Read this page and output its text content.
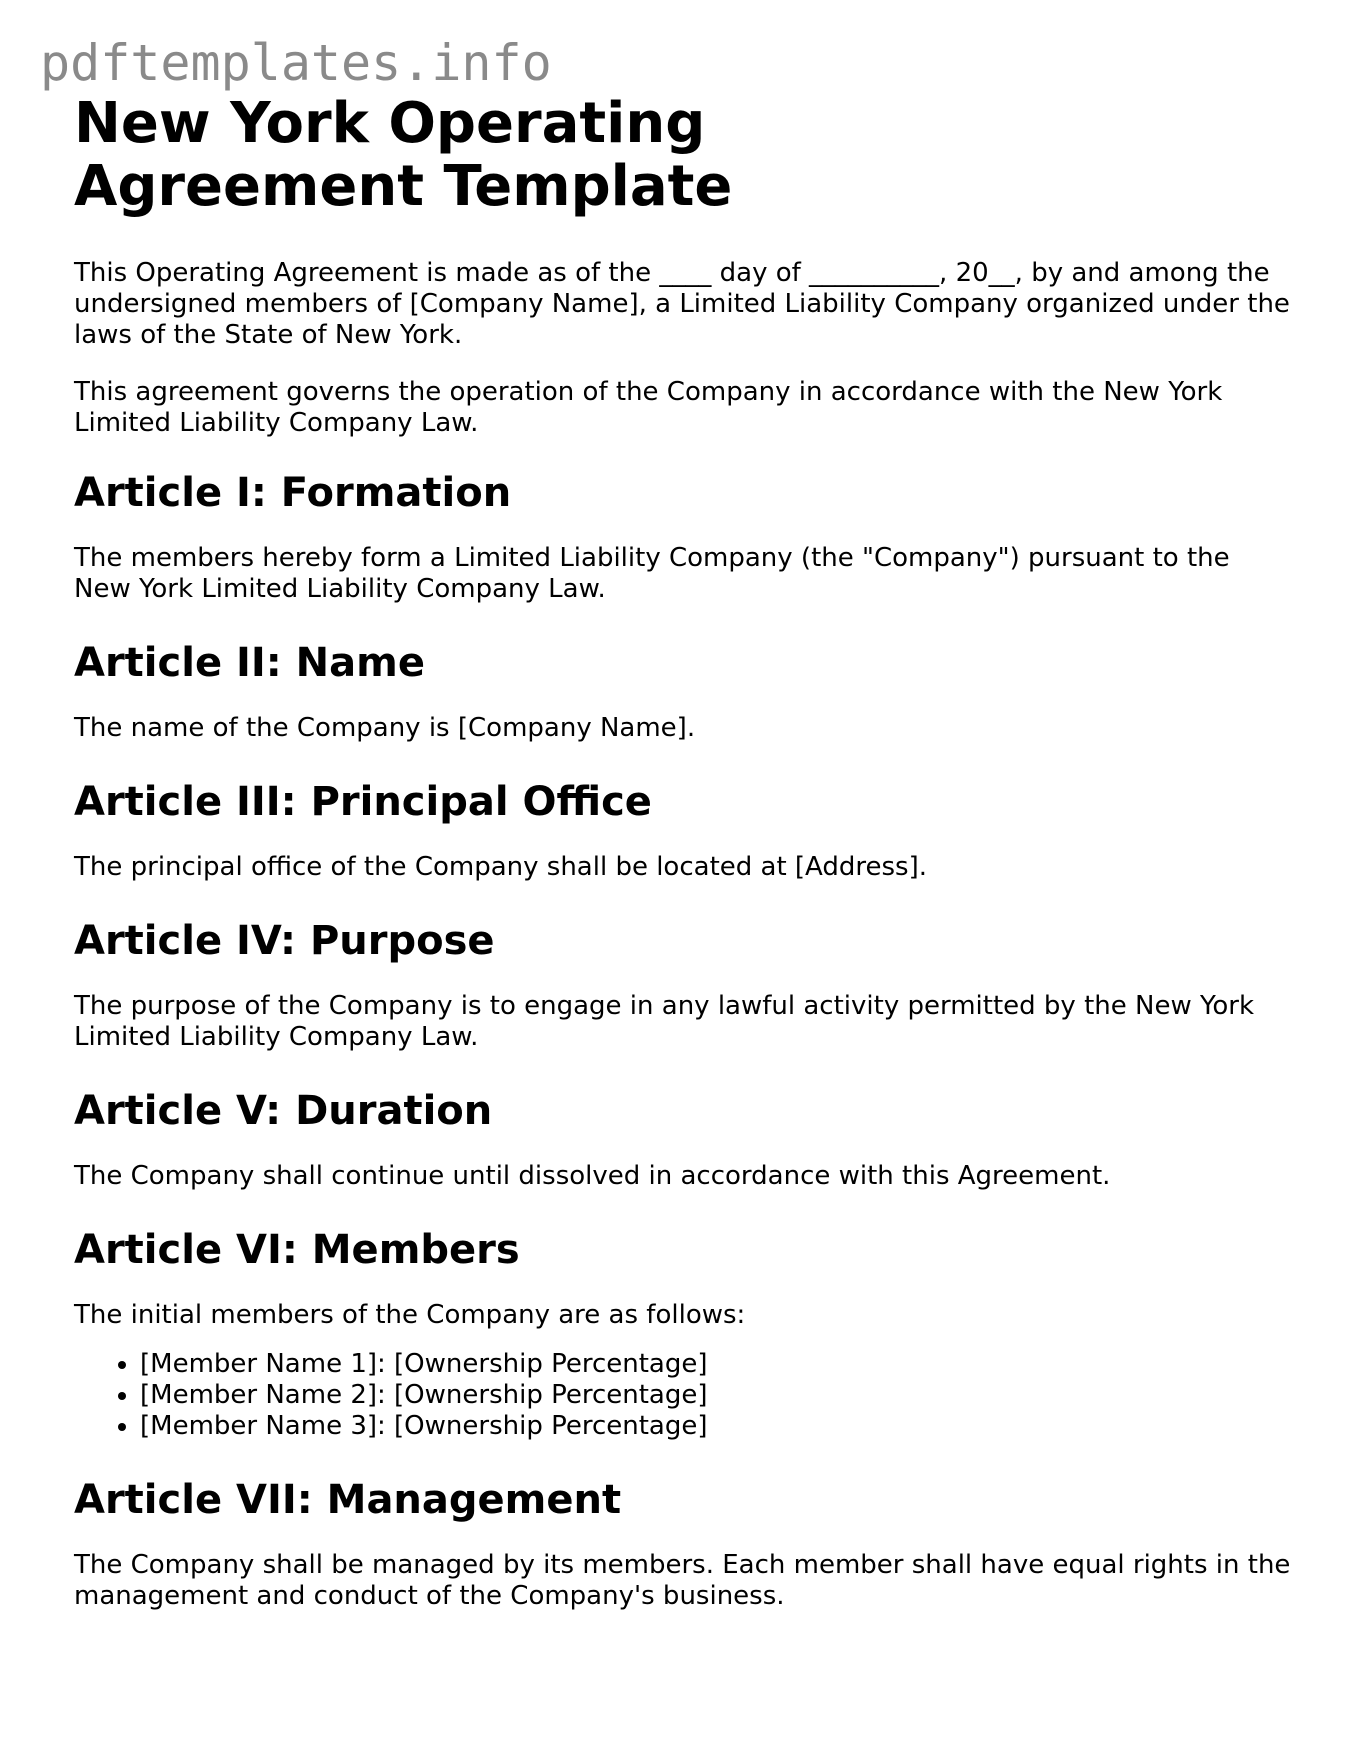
pdftemplates.info
New York Operating Agreement Template

This Operating Agreement is made as of the ____ day of __________, 20__, by and among the undersigned members of [Company Name], a Limited Liability Company organized under the laws of the State of New York.

This agreement governs the operation of the Company in accordance with the New York Limited Liability Company Law.

Article I: Formation

The members hereby form a Limited Liability Company (the "Company") pursuant to the New York Limited Liability Company Law.

Article II: Name

The name of the Company is [Company Name].

Article III: Principal Office

The principal office of the Company shall be located at [Address].

Article IV: Purpose

The purpose of the Company is to engage in any lawful activity permitted by the New York Limited Liability Company Law.

Article V: Duration

The Company shall continue until dissolved in accordance with this Agreement.

Article VI: Members

The initial members of the Company are as follows:

• [Member Name 1]: [Ownership Percentage]
• [Member Name 2]: [Ownership Percentage]
• [Member Name 3]: [Ownership Percentage]
Article VII: Management

The Company shall be managed by its members. Each member shall have equal rights in the management and conduct of the Company's business.
